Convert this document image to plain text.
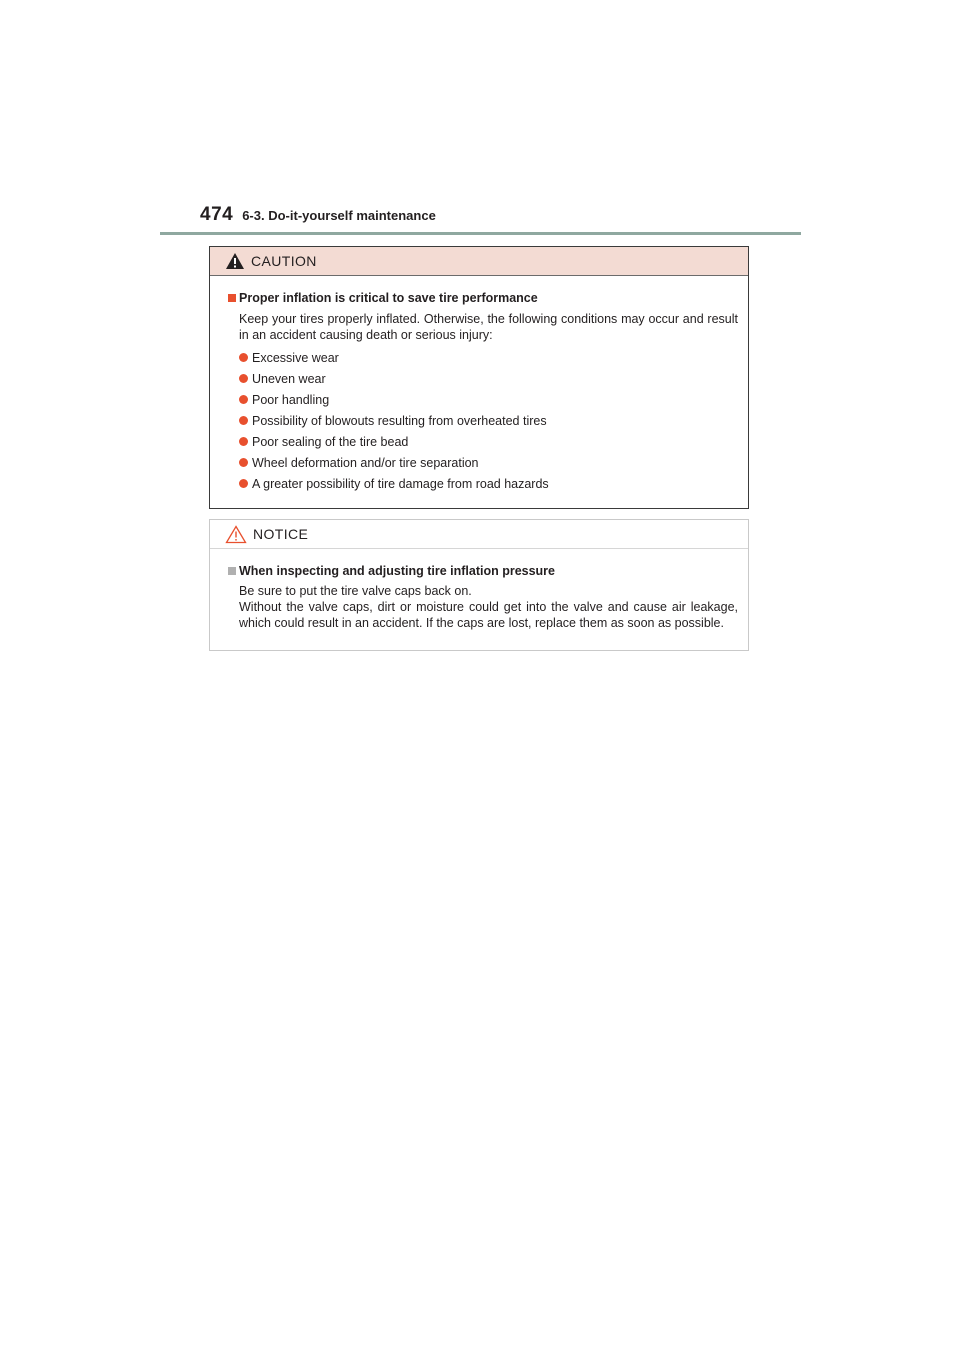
474 6-3. Do-it-yourself maintenance
CAUTION
Proper inflation is critical to save tire performance

Keep your tires properly inflated. Otherwise, the following conditions may occur and result in an accident causing death or serious injury:

Excessive wear
Uneven wear
Poor handling
Possibility of blowouts resulting from overheated tires
Poor sealing of the tire bead
Wheel deformation and/or tire separation
A greater possibility of tire damage from road hazards
NOTICE
When inspecting and adjusting tire inflation pressure

Be sure to put the tire valve caps back on.
Without the valve caps, dirt or moisture could get into the valve and cause air leakage, which could result in an accident. If the caps are lost, replace them as soon as possible.
